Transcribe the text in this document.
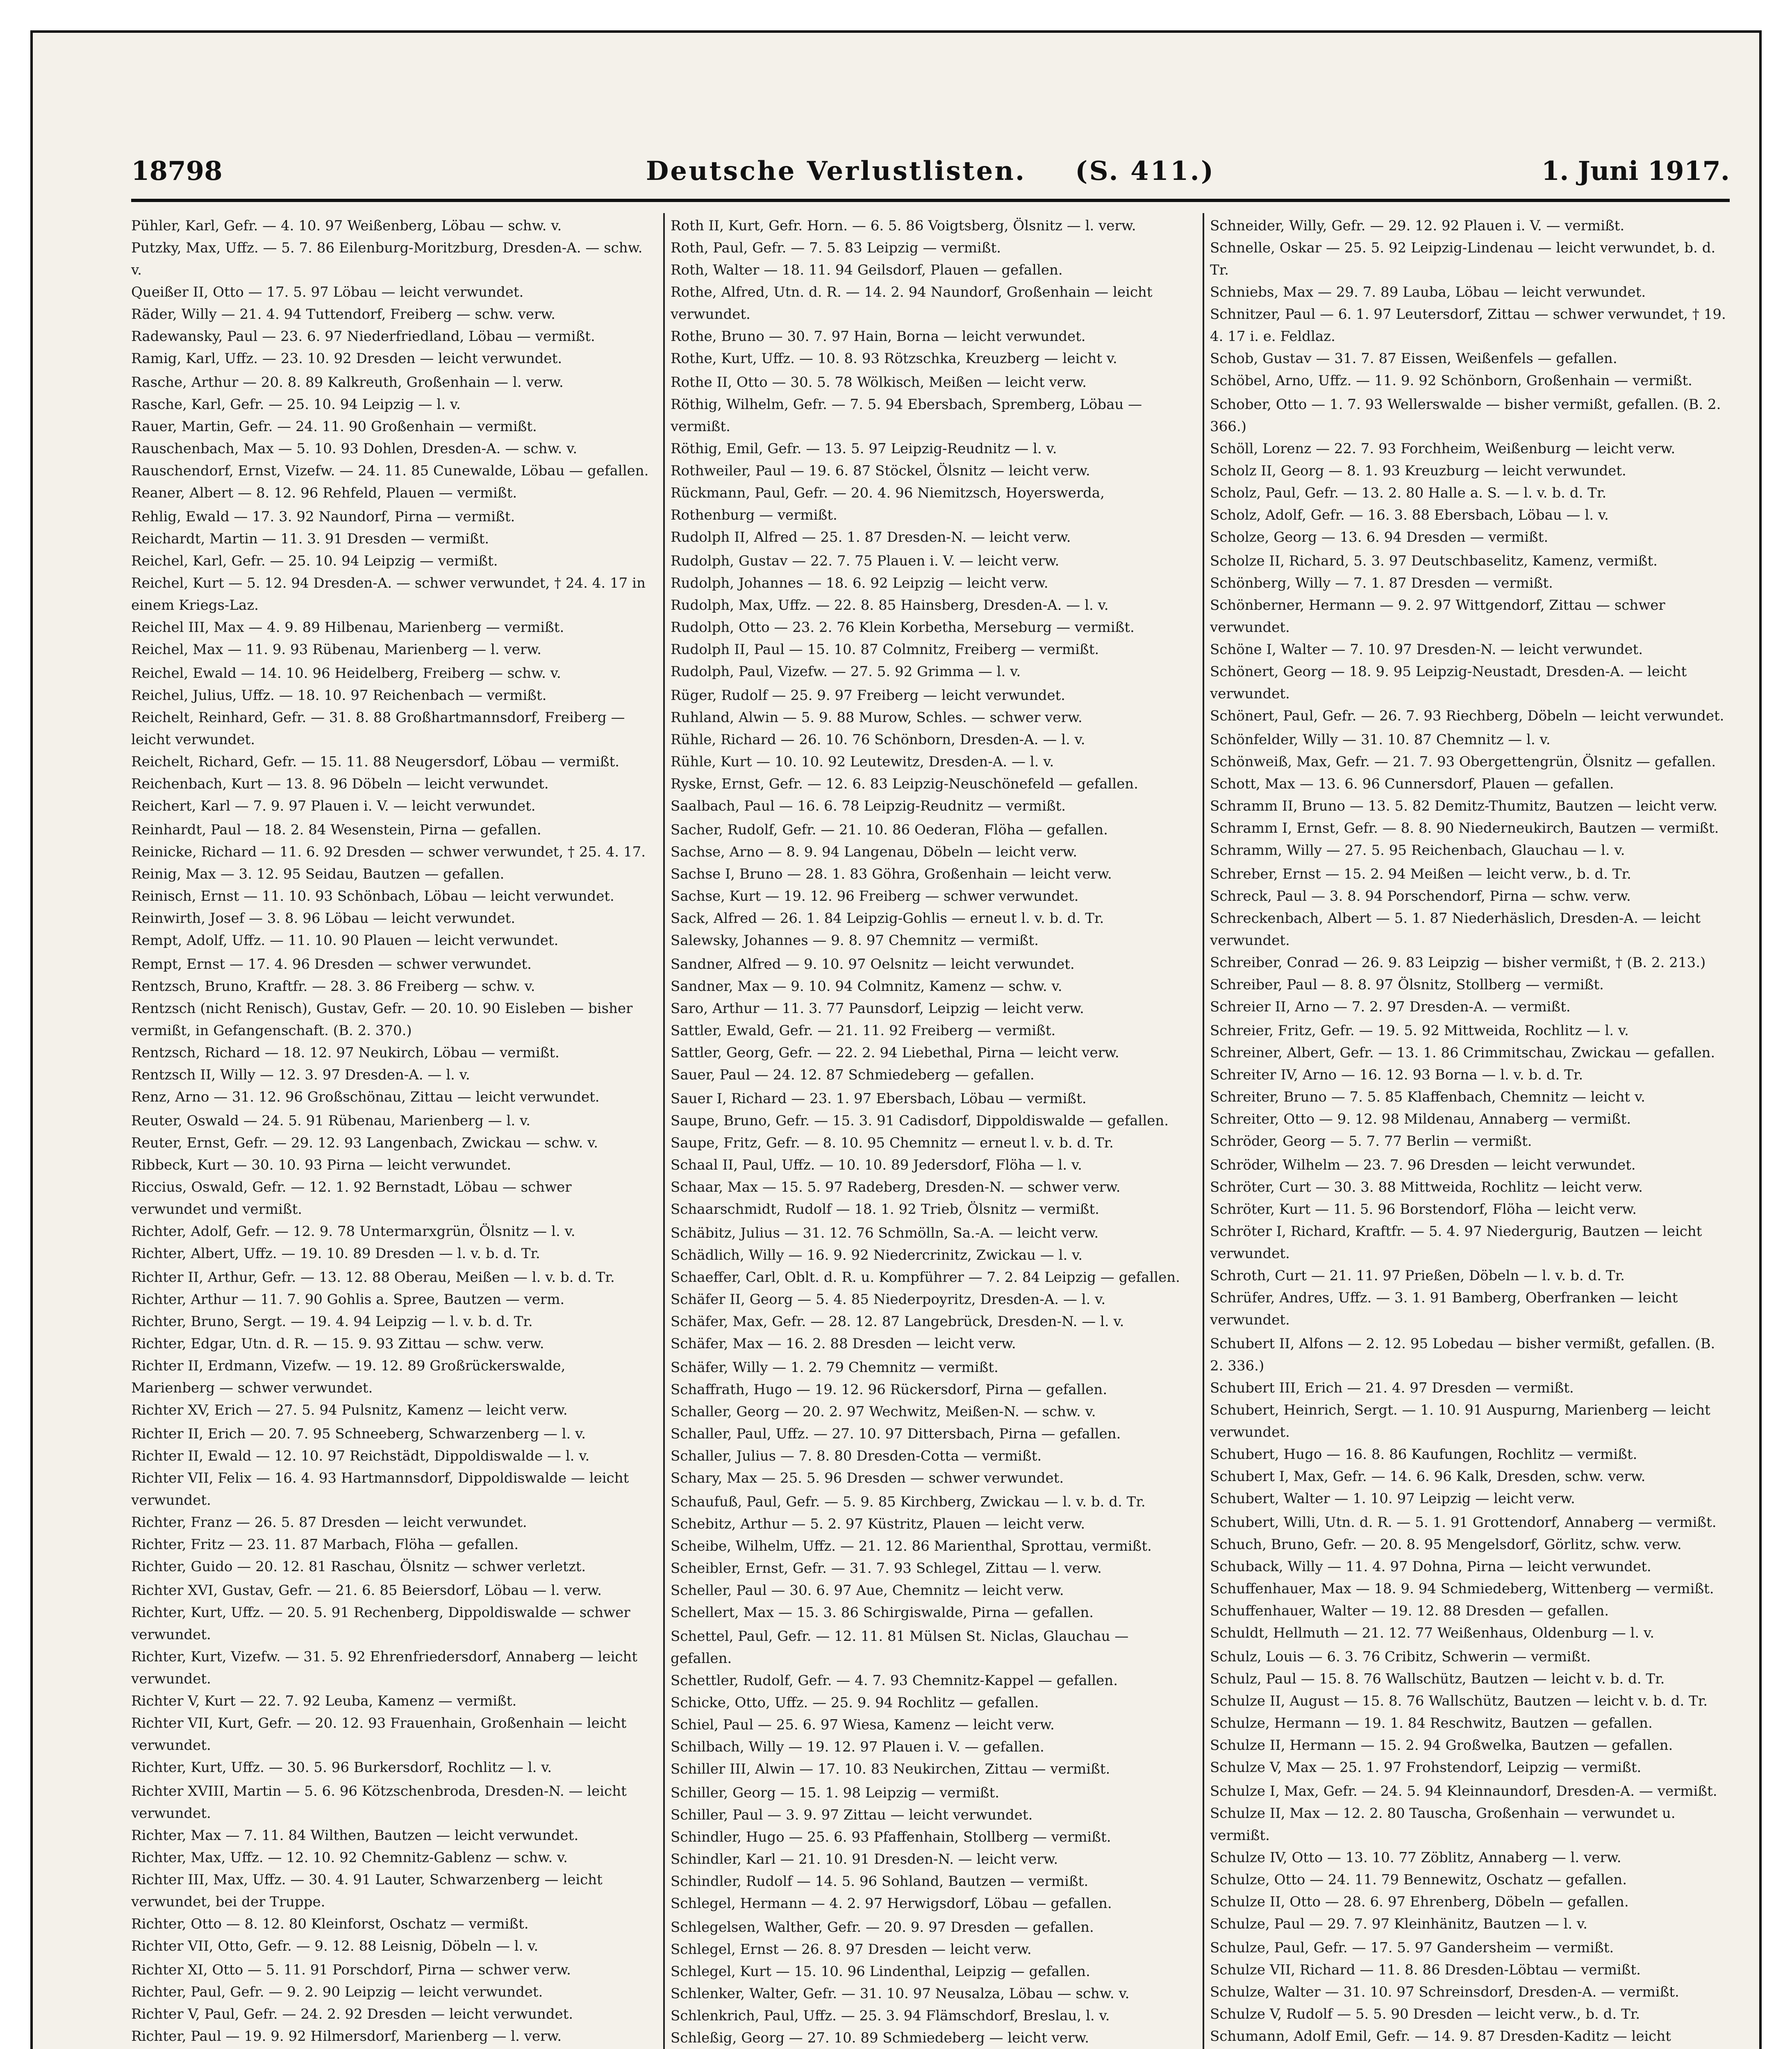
18798	Deutsche Verlustlisten. (S. 411.)	1. Juni 1917.

Pühler, Karl, Gefr. — 4. 10. 97 Weißenberg, Löbau — schw. v.

Putzky, Max, Uffz. — 5. 7. 86 Eilenburg-Moritzburg, Dresden-A. — schw. v.

Queißer II, Otto — 17. 5. 97 Löbau — leicht verwundet.

Räder, Willy — 21. 4. 94 Tuttendorf, Freiberg — schw. verw.

Radewansky, Paul — 23. 6. 97 Niederfriedland, Löbau — vermißt.

Ramig, Karl, Uffz. — 23. 10. 92 Dresden — leicht verwundet.

Rasche, Arthur — 20. 8. 89 Kalkreuth, Großenhain — l. verw.

Rasche, Karl, Gefr. — 25. 10. 94 Leipzig — l. v.

Rauer, Martin, Gefr. — 24. 11. 90 Großenhain — vermißt.

Rauschenbach, Max — 5. 10. 93 Dohlen, Dresden-A. — schw. v.

Rauschendorf, Ernst, Vizefw. — 24. 11. 85 Cunewalde, Löbau — gefallen.

Reaner, Albert — 8. 12. 96 Rehfeld, Plauen — vermißt.

Rehlig, Ewald — 17. 3. 92 Naundorf, Pirna — vermißt.

Reichardt, Martin — 11. 3. 91 Dresden — vermißt.

Reichel, Karl, Gefr. — 25. 10. 94 Leipzig — vermißt.

Reichel, Kurt — 5. 12. 94 Dresden-A. — schwer verwundet, † 24. 4. 17 in einem Kriegs-Laz.

Reichel III, Max — 4. 9. 89 Hilbenau, Marienberg — vermißt.

Reichel, Max — 11. 9. 93 Rübenau, Marienberg — l. verw.

Reichel, Ewald — 14. 10. 96 Heidelberg, Freiberg — schw. v.

Reichel, Julius, Uffz. — 18. 10. 97 Reichenbach — vermißt.

Reichelt, Reinhard, Gefr. — 31. 8. 88 Großhartmannsdorf, Freiberg — leicht verwundet.

Reichelt, Richard, Gefr. — 15. 11. 88 Neugersdorf, Löbau — vermißt.

Reichenbach, Kurt — 13. 8. 96 Döbeln — leicht verwundet.

Reichert, Karl — 7. 9. 97 Plauen i. V. — leicht verwundet.

Reinhardt, Paul — 18. 2. 84 Wesenstein, Pirna — gefallen.

Reinicke, Richard — 11. 6. 92 Dresden — schwer verwundet, † 25. 4. 17.

Reinig, Max — 3. 12. 95 Seidau, Bautzen — gefallen.

Reinisch, Ernst — 11. 10. 93 Schönbach, Löbau — leicht verwundet.

Reinwirth, Josef — 3. 8. 96 Löbau — leicht verwundet.

Rempt, Adolf, Uffz. — 11. 10. 90 Plauen — leicht verwundet.

Rempt, Ernst — 17. 4. 96 Dresden — schwer verwundet.

Rentzsch, Bruno, Kraftfr. — 28. 3. 86 Freiberg — schw. v.

Rentzsch (nicht Renisch), Gustav, Gefr. — 20. 10. 90 Eisleben — bisher vermißt, in Gefangenschaft. (B. 2. 370.)

Rentzsch, Richard — 18. 12. 97 Neukirch, Löbau — vermißt.

Rentzsch II, Willy — 12. 3. 97 Dresden-A. — l. v.

Renz, Arno — 31. 12. 96 Großschönau, Zittau — leicht verwundet.

Reuter, Oswald — 24. 5. 91 Rübenau, Marienberg — l. v.

Reuter, Ernst, Gefr. — 29. 12. 93 Langenbach, Zwickau — schw. v.

Ribbeck, Kurt — 30. 10. 93 Pirna — leicht verwundet.

Riccius, Oswald, Gefr. — 12. 1. 92 Bernstadt, Löbau — schwer verwundet und vermißt.

Richter, Adolf, Gefr. — 12. 9. 78 Untermarxgrün, Ölsnitz — l. v.

Richter, Albert, Uffz. — 19. 10. 89 Dresden — l. v. b. d. Tr.

Richter II, Arthur, Gefr. — 13. 12. 88 Oberau, Meißen — l. v. b. d. Tr.

Richter, Arthur — 11. 7. 90 Gohlis a. Spree, Bautzen — verm.

Richter, Bruno, Sergt. — 19. 4. 94 Leipzig — l. v. b. d. Tr.

Richter, Edgar, Utn. d. R. — 15. 9. 93 Zittau — schw. verw.

Richter II, Erdmann, Vizefw. — 19. 12. 89 Großrückerswalde, Marienberg — schwer verwundet.

Richter XV, Erich — 27. 5. 94 Pulsnitz, Kamenz — leicht verw.

Richter II, Erich — 20. 7. 95 Schneeberg, Schwarzenberg — l. v.

Richter II, Ewald — 12. 10. 97 Reichstädt, Dippoldiswalde — l. v.

Richter VII, Felix — 16. 4. 93 Hartmannsdorf, Dippoldiswalde — leicht verwundet.

Richter, Franz — 26. 5. 87 Dresden — leicht verwundet.

Richter, Fritz — 23. 11. 87 Marbach, Flöha — gefallen.

Richter, Guido — 20. 12. 81 Raschau, Ölsnitz — schwer verletzt.

Richter XVI, Gustav, Gefr. — 21. 6. 85 Beiersdorf, Löbau — l. verw.

Richter, Kurt, Uffz. — 20. 5. 91 Rechenberg, Dippoldiswalde — schwer verwundet.

Richter, Kurt, Vizefw. — 31. 5. 92 Ehrenfriedersdorf, Annaberg — leicht verwundet.

Richter V, Kurt — 22. 7. 92 Leuba, Kamenz — vermißt.

Richter VII, Kurt, Gefr. — 20. 12. 93 Frauenhain, Großenhain — leicht verwundet.

Richter, Kurt, Uffz. — 30. 5. 96 Burkersdorf, Rochlitz — l. v.

Richter XVIII, Martin — 5. 6. 96 Kötzschenbroda, Dresden-N. — leicht verwundet.

Richter, Max — 7. 11. 84 Wilthen, Bautzen — leicht verwundet.

Richter, Max, Uffz. — 12. 10. 92 Chemnitz-Gablenz — schw. v.

Richter III, Max, Uffz. — 30. 4. 91 Lauter, Schwarzenberg — leicht verwundet, bei der Truppe.

Richter, Otto — 8. 12. 80 Kleinforst, Oschatz — vermißt.

Richter VII, Otto, Gefr. — 9. 12. 88 Leisnig, Döbeln — l. v.

Richter XI, Otto — 5. 11. 91 Porschdorf, Pirna — schwer verw.

Richter, Paul, Gefr. — 9. 2. 90 Leipzig — leicht verwundet.

Richter V, Paul, Gefr. — 24. 2. 92 Dresden — leicht verwundet.

Richter, Paul — 19. 9. 92 Hilmersdorf, Marienberg — l. verw.

Roth II, Kurt, Gefr. Horn. — 6. 5. 86 Voigtsberg, Ölsnitz — l. verw.

Roth, Paul, Gefr. — 7. 5. 83 Leipzig — vermißt.

Roth, Walter — 18. 11. 94 Geilsdorf, Plauen — gefallen.

Rothe, Alfred, Utn. d. R. — 14. 2. 94 Naundorf, Großenhain — leicht verwundet.

Rothe, Bruno — 30. 7. 97 Hain, Borna — leicht verwundet.

Rothe, Kurt, Uffz. — 10. 8. 93 Rötzschka, Kreuzberg — leicht v.

Rothe II, Otto — 30. 5. 78 Wölkisch, Meißen — leicht verw.

Röthig, Wilhelm, Gefr. — 7. 5. 94 Ebersbach, Spremberg, Löbau — vermißt.

Röthig, Emil, Gefr. — 13. 5. 97 Leipzig-Reudnitz — l. v.

Rothweiler, Paul — 19. 6. 87 Stöckel, Ölsnitz — leicht verw.

Rückmann, Paul, Gefr. — 20. 4. 96 Niemitzsch, Hoyerswerda, Rothenburg — vermißt.

Rudolph II, Alfred — 25. 1. 87 Dresden-N. — leicht verw.

Rudolph, Gustav — 22. 7. 75 Plauen i. V. — leicht verw.

Rudolph, Johannes — 18. 6. 92 Leipzig — leicht verw.

Rudolph, Max, Uffz. — 22. 8. 85 Hainsberg, Dresden-A. — l. v.

Rudolph, Otto — 23. 2. 76 Klein Korbetha, Merseburg — vermißt.

Rudolph II, Paul — 15. 10. 87 Colmnitz, Freiberg — vermißt.

Rudolph, Paul, Vizefw. — 27. 5. 92 Grimma — l. v.

Rüger, Rudolf — 25. 9. 97 Freiberg — leicht verwundet.

Ruhland, Alwin — 5. 9. 88 Murow, Schles. — schwer verw.

Rühle, Richard — 26. 10. 76 Schönborn, Dresden-A. — l. v.

Rühle, Kurt — 10. 10. 92 Leutewitz, Dresden-A. — l. v.

Ryske, Ernst, Gefr. — 12. 6. 83 Leipzig-Neuschönefeld — gefallen.

Saalbach, Paul — 16. 6. 78 Leipzig-Reudnitz — vermißt.

Sacher, Rudolf, Gefr. — 21. 10. 86 Oederan, Flöha — gefallen.

Sachse, Arno — 8. 9. 94 Langenau, Döbeln — leicht verw.

Sachse I, Bruno — 28. 1. 83 Göhra, Großenhain — leicht verw.

Sachse, Kurt — 19. 12. 96 Freiberg — schwer verwundet.

Sack, Alfred — 26. 1. 84 Leipzig-Gohlis — erneut l. v. b. d. Tr.

Salewsky, Johannes — 9. 8. 97 Chemnitz — vermißt.

Sandner, Alfred — 9. 10. 97 Oelsnitz — leicht verwundet.

Sandner, Max — 9. 10. 94 Colmnitz, Kamenz — schw. v.

Saro, Arthur — 11. 3. 77 Paunsdorf, Leipzig — leicht verw.

Sattler, Ewald, Gefr. — 21. 11. 92 Freiberg — vermißt.

Sattler, Georg, Gefr. — 22. 2. 94 Liebethal, Pirna — leicht verw.

Sauer, Paul — 24. 12. 87 Schmiedeberg — gefallen.

Sauer I, Richard — 23. 1. 97 Ebersbach, Löbau — vermißt.

Saupe, Bruno, Gefr. — 15. 3. 91 Cadisdorf, Dippoldiswalde — gefallen.

Saupe, Fritz, Gefr. — 8. 10. 95 Chemnitz — erneut l. v. b. d. Tr.

Schaal II, Paul, Uffz. — 10. 10. 89 Jedersdorf, Flöha — l. v.

Schaar, Max — 15. 5. 97 Radeberg, Dresden-N. — schwer verw.

Schaarschmidt, Rudolf — 18. 1. 92 Trieb, Ölsnitz — vermißt.

Schäbitz, Julius — 31. 12. 76 Schmölln, Sa.-A. — leicht verw.

Schädlich, Willy — 16. 9. 92 Niedercrinitz, Zwickau — l. v.

Schaeffer, Carl, Oblt. d. R. u. Kompführer — 7. 2. 84 Leipzig — gefallen.

Schäfer II, Georg — 5. 4. 85 Niederpoyritz, Dresden-A. — l. v.

Schäfer, Max, Gefr. — 28. 12. 87 Langebrück, Dresden-N. — l. v.

Schäfer, Max — 16. 2. 88 Dresden — leicht verw.

Schäfer, Willy — 1. 2. 79 Chemnitz — vermißt.

Schaffrath, Hugo — 19. 12. 96 Rückersdorf, Pirna — gefallen.

Schaller, Georg — 20. 2. 97 Wechwitz, Meißen-N. — schw. v.

Schaller, Paul, Uffz. — 27. 10. 97 Dittersbach, Pirna — gefallen.

Schaller, Julius — 7. 8. 80 Dresden-Cotta — vermißt.

Schary, Max — 25. 5. 96 Dresden — schwer verwundet.

Schaufuß, Paul, Gefr. — 5. 9. 85 Kirchberg, Zwickau — l. v. b. d. Tr.

Schebitz, Arthur — 5. 2. 97 Küstritz, Plauen — leicht verw.

Scheibe, Wilhelm, Uffz. — 21. 12. 86 Marienthal, Sprottau, vermißt.

Scheibler, Ernst, Gefr. — 31. 7. 93 Schlegel, Zittau — l. verw.

Scheller, Paul — 30. 6. 97 Aue, Chemnitz — leicht verw.

Schellert, Max — 15. 3. 86 Schirgiswalde, Pirna — gefallen.

Schettel, Paul, Gefr. — 12. 11. 81 Mülsen St. Niclas, Glauchau — gefallen.

Schettler, Rudolf, Gefr. — 4. 7. 93 Chemnitz-Kappel — gefallen.

Schicke, Otto, Uffz. — 25. 9. 94 Rochlitz — gefallen.

Schiel, Paul — 25. 6. 97 Wiesa, Kamenz — leicht verw.

Schilbach, Willy — 19. 12. 97 Plauen i. V. — gefallen.

Schiller III, Alwin — 17. 10. 83 Neukirchen, Zittau — vermißt.

Schiller, Georg — 15. 1. 98 Leipzig — vermißt.

Schiller, Paul — 3. 9. 97 Zittau — leicht verwundet.

Schindler, Hugo — 25. 6. 93 Pfaffenhain, Stollberg — vermißt.

Schindler, Karl — 21. 10. 91 Dresden-N. — leicht verw.

Schindler, Rudolf — 14. 5. 96 Sohland, Bautzen — vermißt.

Schlegel, Hermann — 4. 2. 97 Herwigsdorf, Löbau — gefallen.

Schlegelsen, Walther, Gefr. — 20. 9. 97 Dresden — gefallen.

Schlegel, Ernst — 26. 8. 97 Dresden — leicht verw.

Schlegel, Kurt — 15. 10. 96 Lindenthal, Leipzig — gefallen.

Schlenker, Walter, Gefr. — 31. 10. 97 Neusalza, Löbau — schw. v.

Schlenkrich, Paul, Uffz. — 25. 3. 94 Flämschdorf, Breslau, l. v.

Schleßig, Georg — 27. 10. 89 Schmiedeberg — leicht verw.

Schneider, Willy, Gefr. — 29. 12. 92 Plauen i. V. — vermißt.

Schnelle, Oskar — 25. 5. 92 Leipzig-Lindenau — leicht verwundet, b. d. Tr.

Schniebs, Max — 29. 7. 89 Lauba, Löbau — leicht verwundet.

Schnitzer, Paul — 6. 1. 97 Leutersdorf, Zittau — schwer verwundet, † 19. 4. 17 i. e. Feldlaz.

Schob, Gustav — 31. 7. 87 Eissen, Weißenfels — gefallen.

Schöbel, Arno, Uffz. — 11. 9. 92 Schönborn, Großenhain — vermißt.

Schober, Otto — 1. 7. 93 Wellerswalde — bisher vermißt, gefallen. (B. 2. 366.)

Schöll, Lorenz — 22. 7. 93 Forchheim, Weißenburg — leicht verw.

Scholz II, Georg — 8. 1. 93 Kreuzburg — leicht verwundet.

Scholz, Paul, Gefr. — 13. 2. 80 Halle a. S. — l. v. b. d. Tr.

Scholz, Adolf, Gefr. — 16. 3. 88 Ebersbach, Löbau — l. v.

Scholze, Georg — 13. 6. 94 Dresden — vermißt.

Scholze II, Richard, 5. 3. 97 Deutschbaselitz, Kamenz, vermißt.

Schönberg, Willy — 7. 1. 87 Dresden — vermißt.

Schönberner, Hermann — 9. 2. 97 Wittgendorf, Zittau — schwer verwundet.

Schöne I, Walter — 7. 10. 97 Dresden-N. — leicht verwundet.

Schönert, Georg — 18. 9. 95 Leipzig-Neustadt, Dresden-A. — leicht verwundet.

Schönert, Paul, Gefr. — 26. 7. 93 Riechberg, Döbeln — leicht verwundet.

Schönfelder, Willy — 31. 10. 87 Chemnitz — l. v.

Schönweiß, Max, Gefr. — 21. 7. 93 Obergettengrün, Ölsnitz — gefallen.

Schott, Max — 13. 6. 96 Cunnersdorf, Plauen — gefallen.

Schramm II, Bruno — 13. 5. 82 Demitz-Thumitz, Bautzen — leicht verw.

Schramm I, Ernst, Gefr. — 8. 8. 90 Niederneukirch, Bautzen — vermißt.

Schramm, Willy — 27. 5. 95 Reichenbach, Glauchau — l. v.

Schreber, Ernst — 15. 2. 94 Meißen — leicht verw., b. d. Tr.

Schreck, Paul — 3. 8. 94 Porschendorf, Pirna — schw. verw.

Schreckenbach, Albert — 5. 1. 87 Niederhäslich, Dresden-A. — leicht verwundet.

Schreiber, Conrad — 26. 9. 83 Leipzig — bisher vermißt, † (B. 2. 213.)

Schreiber, Paul — 8. 8. 97 Ölsnitz, Stollberg — vermißt.

Schreier II, Arno — 7. 2. 97 Dresden-A. — vermißt.

Schreier, Fritz, Gefr. — 19. 5. 92 Mittweida, Rochlitz — l. v.

Schreiner, Albert, Gefr. — 13. 1. 86 Crimmitschau, Zwickau — gefallen.

Schreiter IV, Arno — 16. 12. 93 Borna — l. v. b. d. Tr.

Schreiter, Bruno — 7. 5. 85 Klaffenbach, Chemnitz — leicht v.

Schreiter, Otto — 9. 12. 98 Mildenau, Annaberg — vermißt.

Schröder, Georg — 5. 7. 77 Berlin — vermißt.

Schröder, Wilhelm — 23. 7. 96 Dresden — leicht verwundet.

Schröter, Curt — 30. 3. 88 Mittweida, Rochlitz — leicht verw.

Schröter, Kurt — 11. 5. 96 Borstendorf, Flöha — leicht verw.

Schröter I, Richard, Kraftfr. — 5. 4. 97 Niedergurig, Bautzen — leicht verwundet.

Schroth, Curt — 21. 11. 97 Prießen, Döbeln — l. v. b. d. Tr.

Schrüfer, Andres, Uffz. — 3. 1. 91 Bamberg, Oberfranken — leicht verwundet.

Schubert II, Alfons — 2. 12. 95 Lobedau — bisher vermißt, gefallen. (B. 2. 336.)

Schubert III, Erich — 21. 4. 97 Dresden — vermißt.

Schubert, Heinrich, Sergt. — 1. 10. 91 Auspurng, Marienberg — leicht verwundet.

Schubert, Hugo — 16. 8. 86 Kaufungen, Rochlitz — vermißt.

Schubert I, Max, Gefr. — 14. 6. 96 Kalk, Dresden, schw. verw.

Schubert, Walter — 1. 10. 97 Leipzig — leicht verw.

Schubert, Willi, Utn. d. R. — 5. 1. 91 Grottendorf, Annaberg — vermißt.

Schuch, Bruno, Gefr. — 20. 8. 95 Mengelsdorf, Görlitz, schw. verw.

Schuback, Willy — 11. 4. 97 Dohna, Pirna — leicht verwundet.

Schuffenhauer, Max — 18. 9. 94 Schmiedeberg, Wittenberg — vermißt.

Schuffenhauer, Walter — 19. 12. 88 Dresden — gefallen.

Schuldt, Hellmuth — 21. 12. 77 Weißenhaus, Oldenburg — l. v.

Schulz, Louis — 6. 3. 76 Cribitz, Schwerin — vermißt.

Schulz, Paul — 15. 8. 76 Wallschütz, Bautzen — leicht v. b. d. Tr.

Schulze II, August — 15. 8. 76 Wallschütz, Bautzen — leicht v. b. d. Tr.

Schulze, Hermann — 19. 1. 84 Reschwitz, Bautzen — gefallen.

Schulze II, Hermann — 15. 2. 94 Großwelka, Bautzen — gefallen.

Schulze V, Max — 25. 1. 97 Frohstendorf, Leipzig — vermißt.

Schulze I, Max, Gefr. — 24. 5. 94 Kleinnaundorf, Dresden-A. — vermißt.

Schulze II, Max — 12. 2. 80 Tauscha, Großenhain — verwundet u. vermißt.

Schulze IV, Otto — 13. 10. 77 Zöblitz, Annaberg — l. verw.

Schulze, Otto — 24. 11. 79 Bennewitz, Oschatz — gefallen.

Schulze II, Otto — 28. 6. 97 Ehrenberg, Döbeln — gefallen.

Schulze, Paul — 29. 7. 97 Kleinhänitz, Bautzen — l. v.

Schulze, Paul, Gefr. — 17. 5. 97 Gandersheim — vermißt.

Schulze VII, Richard — 11. 8. 86 Dresden-Löbtau — vermißt.

Schulze, Walter — 31. 10. 97 Schreinsdorf, Dresden-A. — vermißt.

Schulze V, Rudolf — 5. 5. 90 Dresden — leicht verw., b. d. Tr.

Schumann, Adolf Emil, Gefr. — 14. 9. 87 Dresden-Kaditz — leicht
